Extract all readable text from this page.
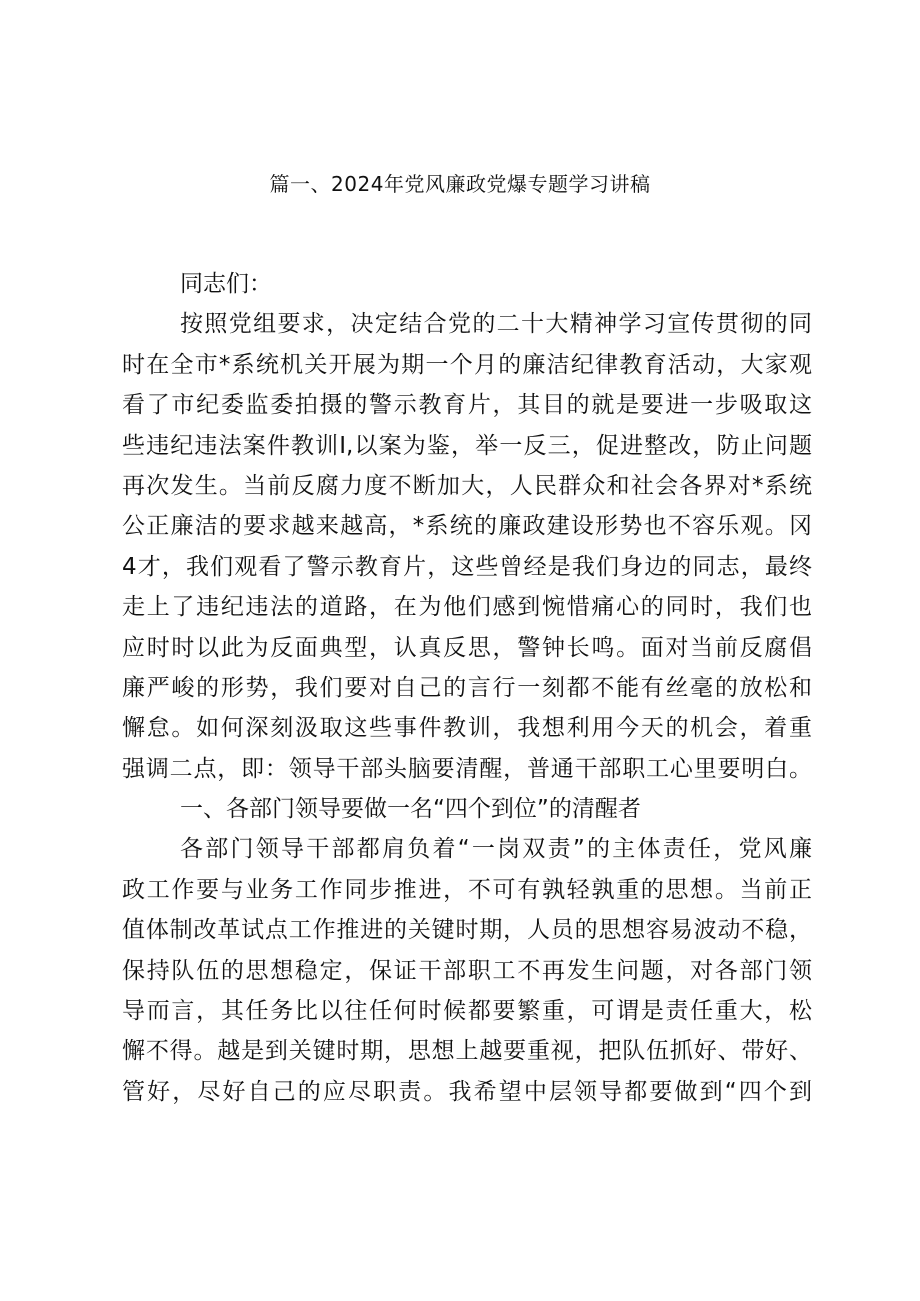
篇一、2024年党风廉政党爆专题学习讲稿
同志们：
按照党组要求，决定结合党的二十大精神学习宣传贯彻的同
时在全市*系统机关开展为期一个月的廉洁纪律教育活动，大家观
看了市纪委监委拍摄的警示教育片，其目的就是要进一步吸取这
些违纪违法案件教训I,以案为鉴，举一反三，促进整改，防止问题
再次发生。当前反腐力度不断加大，人民群众和社会各界对*系统
公正廉洁的要求越来越高，*系统的廉政建设形势也不容乐观。冈
4才，我们观看了警示教育片，这些曾经是我们身边的同志，最终
走上了违纪违法的道路，在为他们感到惋惜痛心的同时，我们也
应时时以此为反面典型，认真反思，警钟长鸣。面对当前反腐倡
廉严峻的形势，我们要对自己的言行一刻都不能有丝毫的放松和
懈怠。如何深刻汲取这些事件教训，我想利用今天的机会，着重
强调二点，即：领导干部头脑要清醒，普通干部职工心里要明白。
一、各部门领导要做一名“四个到位”的清醒者
各部门领导干部都肩负着“一岗双责”的主体责任，党风廉
政工作要与业务工作同步推进，不可有孰轻孰重的思想。当前正
值体制改革试点工作推进的关键时期，人员的思想容易波动不稳，
保持队伍的思想稳定，保证干部职工不再发生问题，对各部门领
导而言，其任务比以往任何时候都要繁重，可谓是责任重大，松
懈不得。越是到关键时期，思想上越要重视，把队伍抓好、带好、
管好，尽好自己的应尽职责。我希望中层领导都要做到“四个到
